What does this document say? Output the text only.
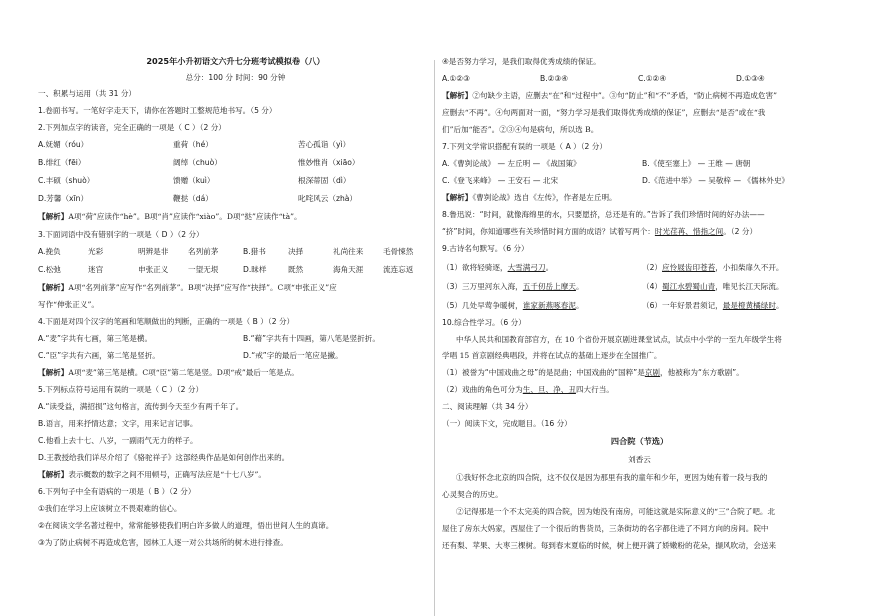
2025年小升初语文六升七分班考试模拟卷（八）
总分：100 分 时间：90 分钟
一、积累与运用（共 31 分）
1.卷面书写。一笔好字走天下，请你在答题时工整规范地书写。（5 分）
2.下列加点字的读音，完全正确的一项是（ C ）（2 分）
A.妩媚（róu）	重荷（hé）	苦心孤诣（yì）
B.绯红（fēi）	阔绰（chuò）	惟妙惟肖（xiāo）
C.丰硕（shuò）	馈赠（kuì）	根深蒂固（dì）
D.芳馨（xīn）	鞭挞（dá）	叱咤风云（zhà）
【解析】A项“荷”应读作“hè”。B项“肖”应读作“xiào”。D项“挞”应读作“tà”。
3.下面词语中没有错别字的一项是（ D ）（2 分）
A.挽负	光彩	明辨是非	名列前茅	B.猎书	决择	礼尚往来	毛骨悚然
C.松弛	迷宫	申张正义	一望无垠	D.昧样	既然	海角天涯	流连忘返
【解析】A项“名列前茅”应写作“名列前茅”。B项“决择”应写作“抉择”。C项“申张正义”应
写作“伸张正义”。
4.下面是对四个汉字的笔画和笔顺做出的判断，正确的一项是（ B ）（2 分）
A.“麦”字共有七画，第三笔是横。	B.“藉”字共有十四画，第八笔是竖折折。
C.“臣”字共有六画，第二笔是竖折。	D.“戒”字的最后一笔应是撇。
【解析】A项“麦”第三笔是横。C项“臣”第二笔是竖。D项“戒”最后一笔是点。
5.下列标点符号运用有误的一项是（ C ）（2 分）
A.“读受益，满招损”这句格言，流传到今天至少有两千年了。
B.语言，用来抒情达意；文字，用来记言记事。
C.他看上去十七、八岁，一副雨气无力的样子。
D.王教授给我们详尽介绍了《骆驼祥子》这部经典作品是如何创作出来的。
【解析】表示概数的数字之间不用顿号，正确写法应是“十七八岁”。
6.下列句子中全有语病的一项是（ B ）（2 分）
①我们在学习上应该树立不畏艰难的信心。
②在阅读文学名著过程中，常常能够使我们明白许多做人的道理，悟出世间人生的真谛。
③为了防止病树不再造成危害，园林工人逐一对公共场所的树木进行排查。
④是否努力学习，是我们取得优秀成绩的保证。
A.①②③	B.②③④	C.①②④	D.①③④
【解析】②句缺少主语，应删去“在”和“过程中”。③句“防止”和“不”矛盾，“防止病树不再造成危害”
应删去“不再”。④句两面对一面，“努力学习是我们取得优秀成绩的保证”，应删去“是否”或在“我
们”后加“能否”。②③④句是病句，所以选 B。
7.下列文学常识搭配有误的一项是（ A ）（2 分）
A.《曹刿论战》 — 左丘明 — 《战国策》	B.《使至塞上》 — 王维 — 唐朝
C.《登飞来峰》 — 王安石 — 北宋	D.《范进中举》 — 吴敬梓 — 《儒林外史》
【解析】《曹刿论战》选自《左传》，作者是左丘明。
8.鲁迅说：“时间，就像海绵里的水，只要愿挤，总还是有的。”告诉了我们珍惜时间的好办法——
“挤”时间，你知道哪些有关珍惜时间方面的成语？试着写两个：时光荏苒、惜指之间。（2 分）
9.古诗名句默写。（6 分）
（1）欲将轻骑逐，大雪满弓刀。	（2）应怜屐齿印苍苔，小扣柴扉久不开。
（3）三万里河东入海，五千仞岳上摩天。	（4）蜀江水碧蜀山青，唯见长江天际流。
（5）几处早莺争暖树，谁家新燕啄春泥。	（6）一年好景君须记，最是橙黄橘绿时。
10.综合性学习。（6 分）
中华人民共和国教育部官方，在 10 个省份开展京剧进课堂试点，试点中小学的一至九年级学生将
学唱 15 首京剧经典唱段，并将在试点的基础上逐步在全国推广。
（1）被誉为“中国戏曲之母”的是昆曲；中国戏曲的“国粹”是京剧，他被称为“东方歌剧”。
（2）戏曲的角色可分为生、旦、净、丑四大行当。
二、阅读理解（共 34 分）
（一）阅读下文，完成题目。（16 分）
四合院（节选）
刘香云
①我好怀念北京的四合院，这不仅仅是因为那里有我的童年和少年，更因为她有着一段与我的
心灵契合的历史。
②记得那是一个不太完美的四合院，因为她没有南房，可能这就是实际意义的“三”合院了吧。北
屋住了房东大妈家，西屋住了一个很后的售货员，三条街坊的名字都住进了不同方向的房间。院中
还有梨、苹果、大枣三棵树。每到春末夏临的时候，树上便开满了娇嫩粉的花朵，撷风吹动，会送来
